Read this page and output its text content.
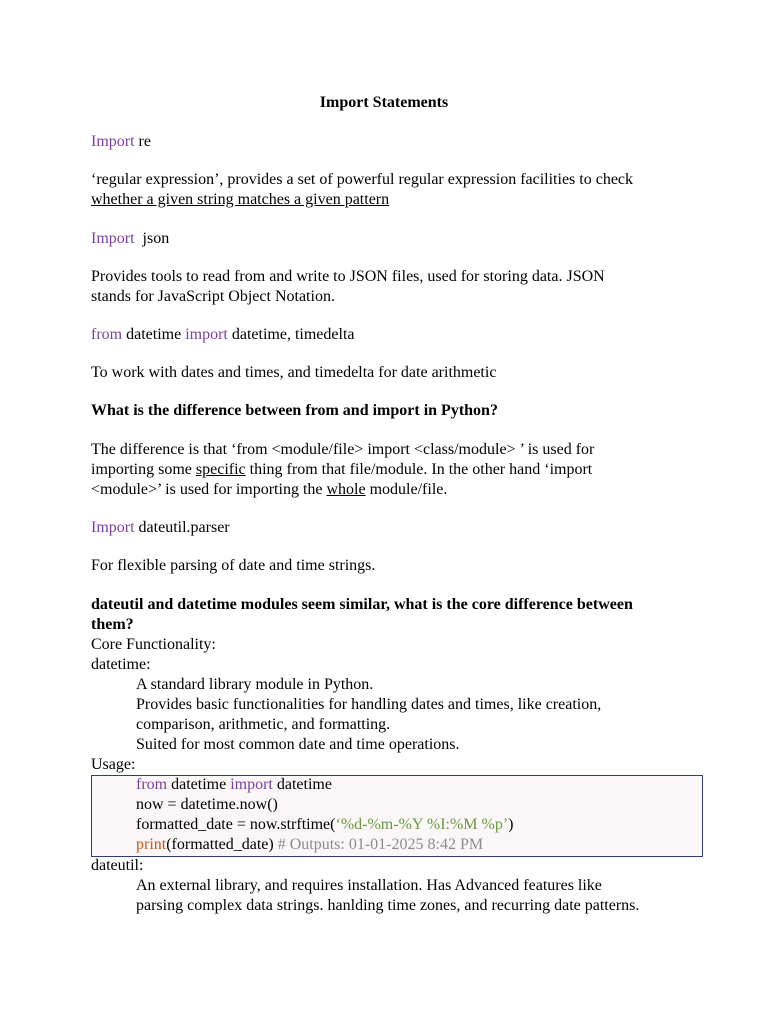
Import Statements
Import re
‘regular expression’, provides a set of powerful regular expression facilities to check
whether a given string matches a given pattern
Import  json
Provides tools to read from and write to JSON files, used for storing data. JSON
stands for JavaScript Object Notation.
from datetime import datetime, timedelta
To work with dates and times, and timedelta for date arithmetic
What is the difference between from and import in Python?
The difference is that ‘from <module/file> import <class/module> ’ is used for
importing some specific thing from that file/module. In the other hand ‘import
<module>’ is used for importing the whole module/file.
Import dateutil.parser
For flexible parsing of date and time strings.
dateutil and datetime modules seem similar, what is the core difference between
them?
Core Functionality:
datetime:
A standard library module in Python.
Provides basic functionalities for handling dates and times, like creation,
comparison, arithmetic, and formatting.
Suited for most common date and time operations.
Usage:
from datetime import datetime
now = datetime.now()
formatted_date = now.strftime(‘%d-%m-%Y %I:%M %p’)
print(formatted_date) # Outputs: 01-01-2025 8:42 PM
dateutil:
An external library, and requires installation. Has Advanced features like
parsing complex data strings. hanlding time zones, and recurring date patterns.
